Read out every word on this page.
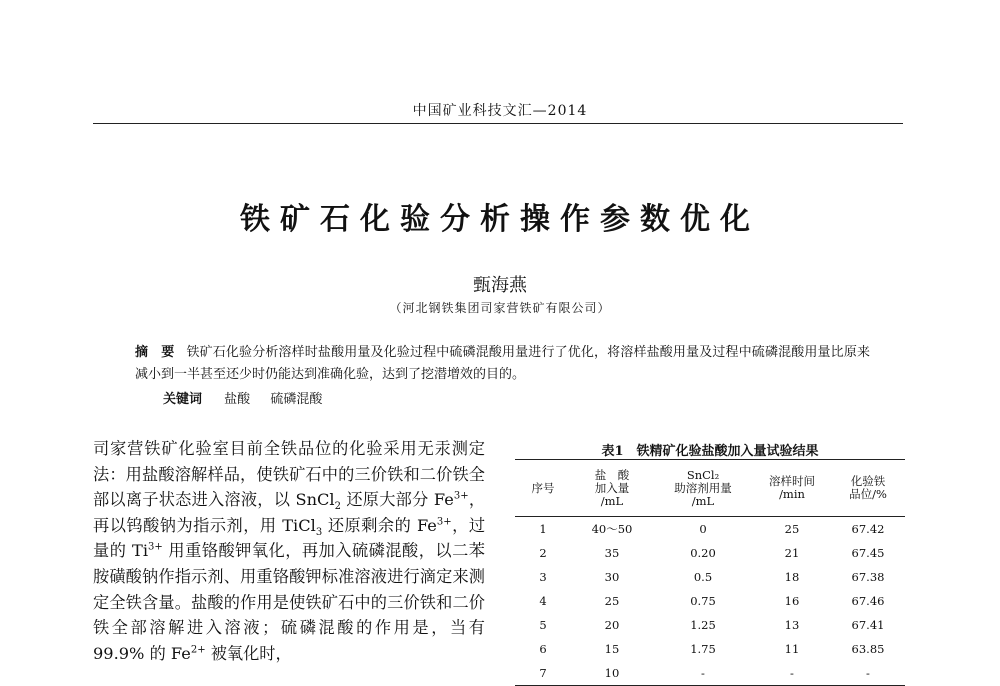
中国矿业科技文汇—2014
铁矿石化验分析操作参数优化
甄海燕
（河北钢铁集团司家营铁矿有限公司）
摘　要 铁矿石化验分析溶样时盐酸用量及化验过程中硫磷混酸用量进行了优化，将溶样盐酸用量及过程中硫磷混酸用量比原来减小到一半甚至还少时仍能达到准确化验，达到了挖潜增效的目的。
关键词 盐酸 硫磷混酸
司家营铁矿化验室目前全铁品位的化验采用无汞测定法：用盐酸溶解样品，使铁矿石中的三价铁和二价铁全部以离子状态进入溶液，以 SnCl$_2$ 还原大部分 $Fe^{3+}$，再以钨酸钠为指示剂，用 TiCl$_3$ 还原剩余的 $Fe^{3+}$，过量的 $Ti^{3+}$ 用重铬酸钾氧化，再加入硫磷混酸，以二苯胺磺酸钠作指示剂、用重铬酸钾标准溶液进行滴定来测定全铁含量。盐酸的作用是使铁矿石中的三价铁和二价铁全部溶解进入溶液；硫磷混酸的作用是，当有 99.9% 的 $Fe^{2+}$ 被氧化时，
表1　铁精矿化验盐酸加入量试验结果
序号	盐　酸
加入量
/mL	SnCl₂
助溶剂用量
/mL	溶样时间
/min	化验铁
品位/%
1	40～50	0	25	67.42
2	35	0.20	21	67.45
3	30	0.5	18	67.38
4	25	0.75	16	67.46
5	20	1.25	13	67.41
6	15	1.75	11	63.85
7	10	-	-	-
